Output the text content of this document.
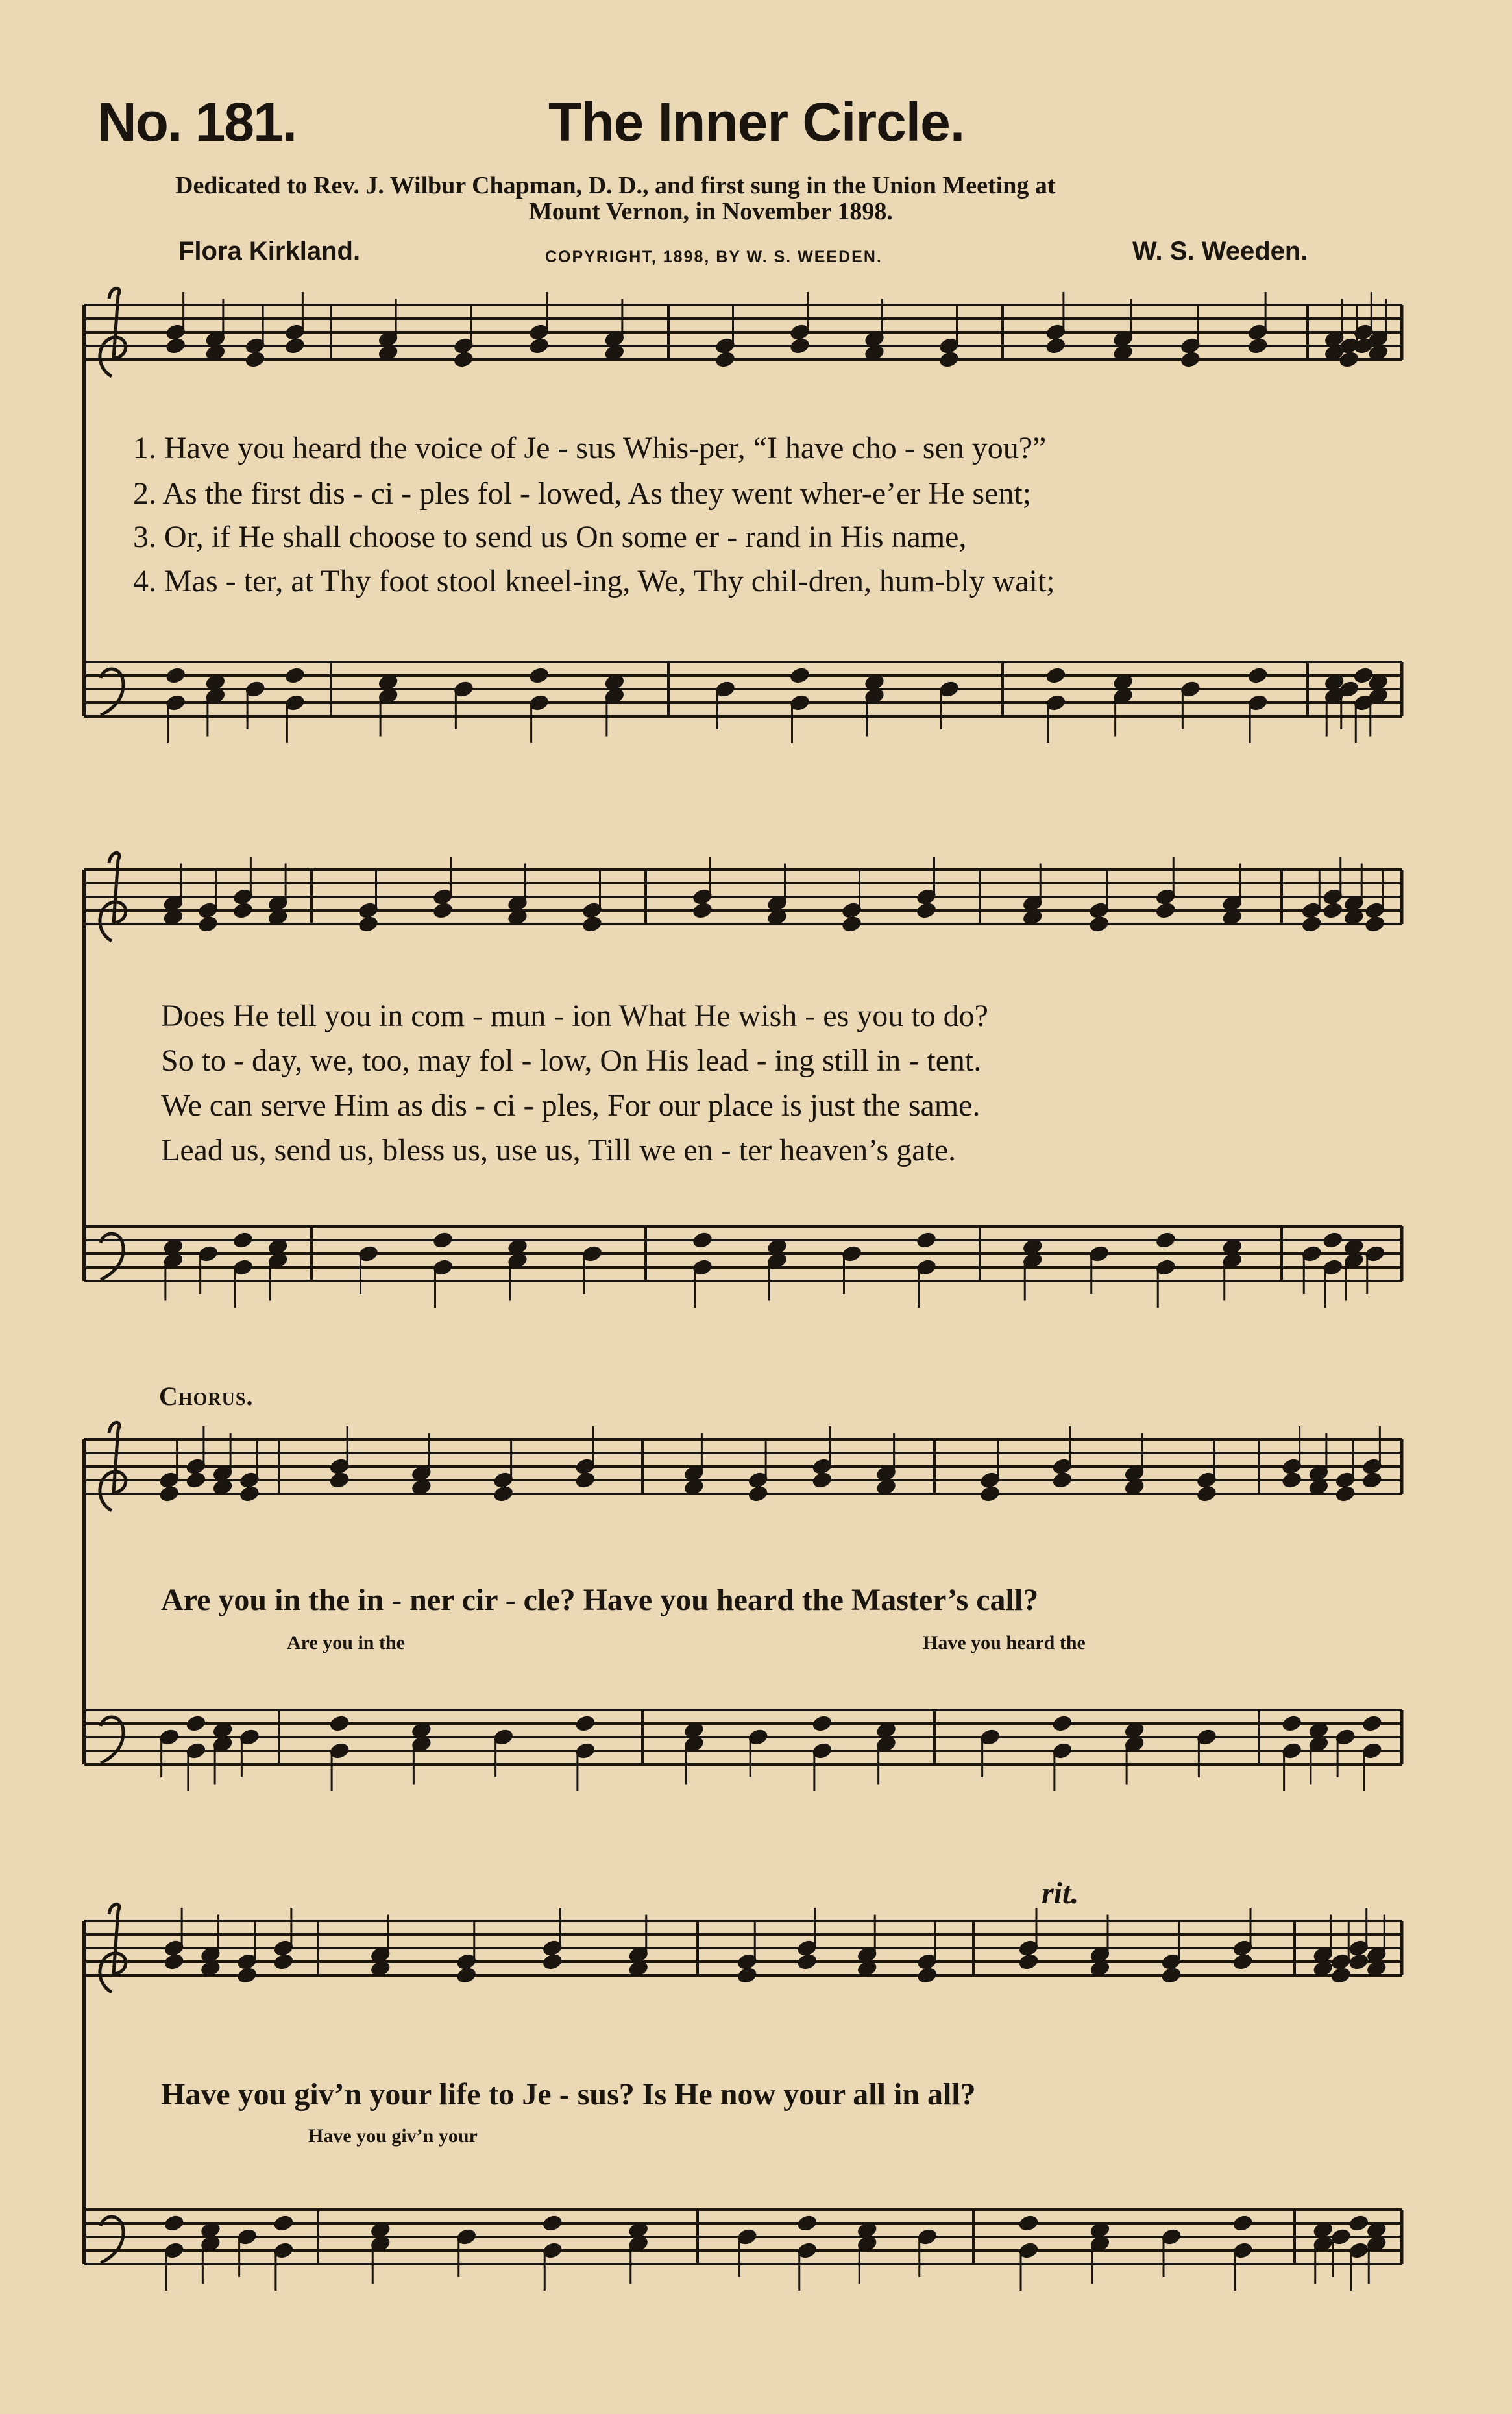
No. 181.	The Inner Circle.
Dedicated to Rev. J. Wilbur Chapman, D. D., and first sung in the Union Meeting at
Mount Vernon, in November 1898.
Flora Kirkland.	COPYRIGHT, 1898, BY W. S. WEEDEN.	W. S. Weeden.
1. Have you heard the voice of Je - sus Whis-per, “I have cho - sen you?”
2. As the first dis - ci - ples fol - lowed, As they went wher-e’er He sent;
3. Or, if He shall choose to send us On some er - rand in His name,
4. Mas - ter, at Thy foot stool kneel-ing, We, Thy chil-dren, hum-bly wait;
Does He tell you in com - mun - ion What He wish - es you to do?
So to - day, we, too, may fol - low, On His lead - ing still in - tent.
We can serve Him as dis - ci - ples, For our place is just the same.
Lead us, send us, bless us, use us, Till we en - ter heaven’s gate.
Chorus.
Are you in the in - ner cir - cle? Have you heard the Master’s call?
Are you in the	Have you heard the
rit.
Have you giv’n your life to Je - sus? Is He now your all in all?
Have you giv’n your
